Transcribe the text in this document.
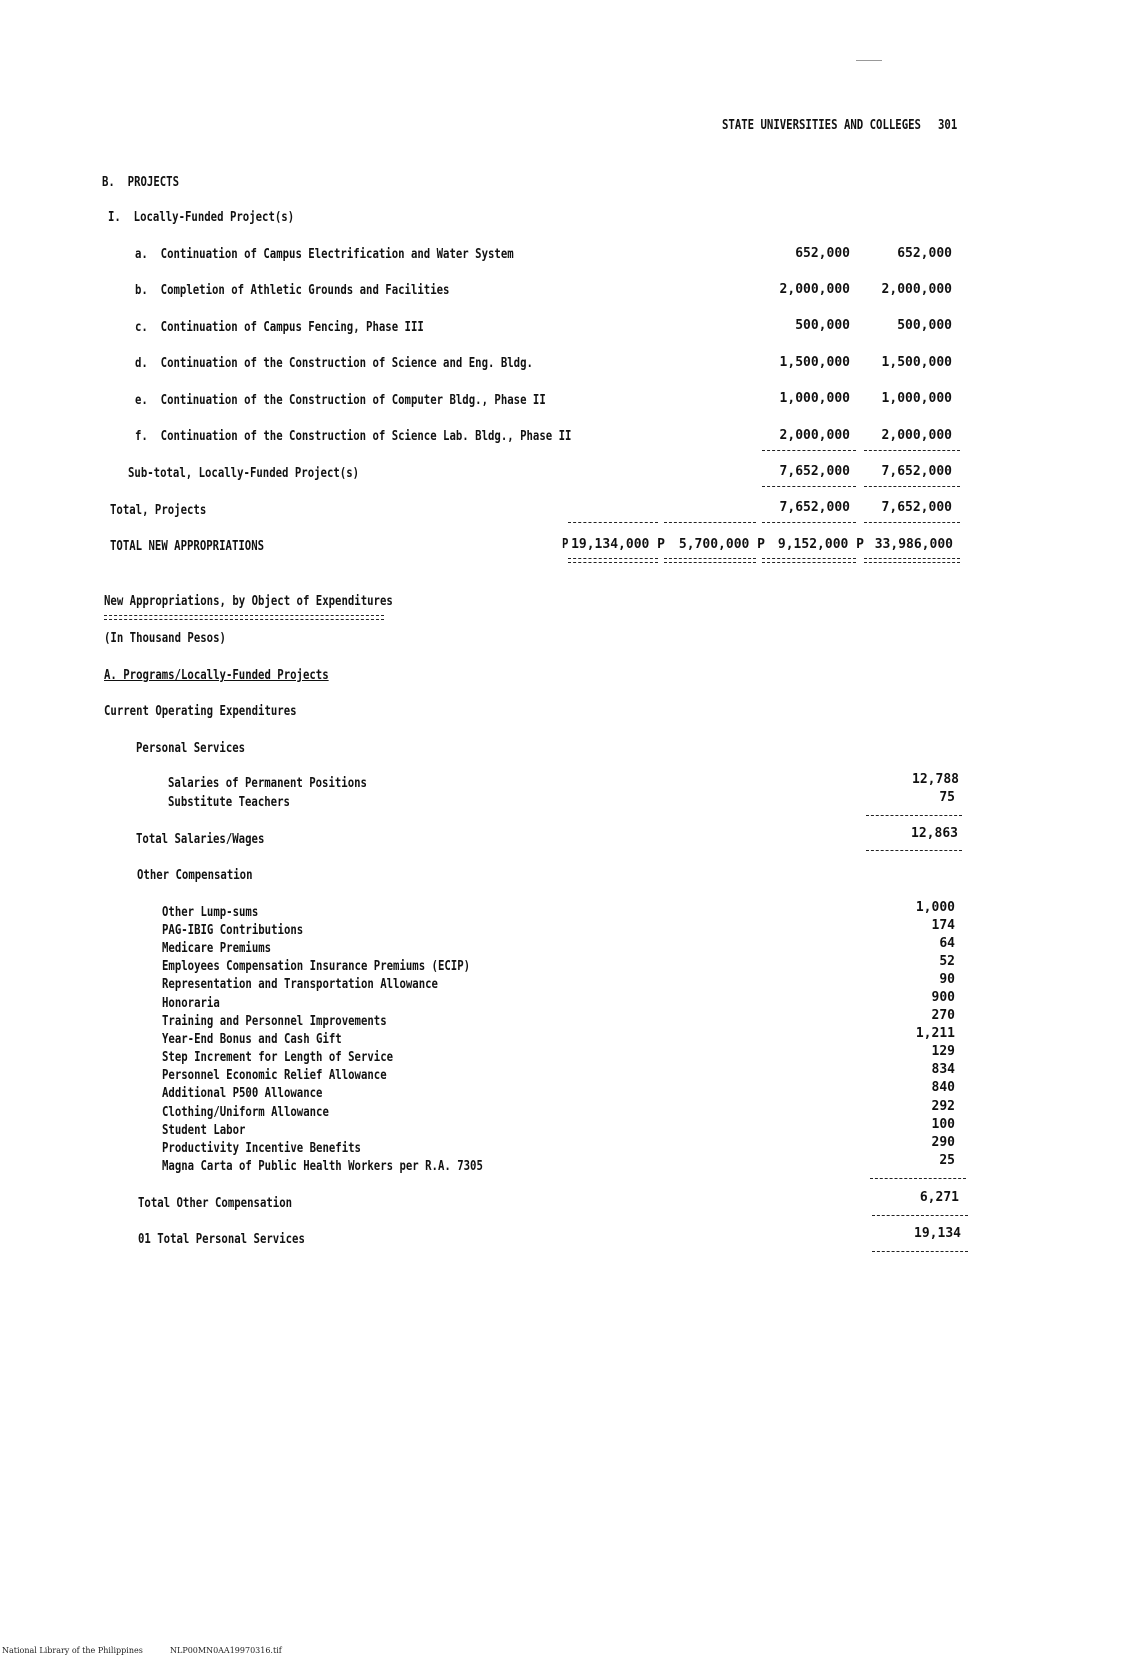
STATE UNIVERSITIES AND COLLEGES 301
B.  PROJECTS
I.  Locally-Funded Project(s)
a.  Continuation of Campus Electrification and Water System	652,000	652,000
b.  Completion of Athletic Grounds and Facilities	2,000,000 2,000,000
c.  Continuation of Campus Fencing, Phase III	500,000	500,000
d.  Continuation of the Construction of Science and Eng. Bldg.	1,500,000 1,500,000
e.  Continuation of the Construction of Computer Bldg., Phase II	1,000,000 1,000,000
f.  Continuation of the Construction of Science Lab. Bldg., Phase II	2,000,000 2,000,000
Sub-total, Locally-Funded Project(s)	7,652,000 7,652,000
Total, Projects	7,652,000 7,652,000
TOTAL NEW APPROPRIATIONS	P 19,134,000 P 5,700,000 P 9,152,000 P 33,986,000
New Appropriations, by Object of Expenditures
(In Thousand Pesos)
A. Programs/Locally-Funded Projects
Current Operating Expenditures
Personal Services
Salaries of Permanent Positions	12,788
Substitute Teachers	75
Total Salaries/Wages	12,863
Other Compensation
Other Lump-sums	1,000
PAG-IBIG Contributions	174
Medicare Premiums	64
Employees Compensation Insurance Premiums (ECIP)	52
Representation and Transportation Allowance	90
Honoraria	900
Training and Personnel Improvements	270
Year-End Bonus and Cash Gift	1,211
Step Increment for Length of Service	129
Personnel Economic Relief Allowance	834
Additional P500 Allowance	840
Clothing/Uniform Allowance	292
Student Labor	100
Productivity Incentive Benefits	290
Magna Carta of Public Health Workers per R.A. 7305	25
Total Other Compensation	6,271
01 Total Personal Services	19,134
National Library of the Philippines	NLP00MN0AA19970316.tif
